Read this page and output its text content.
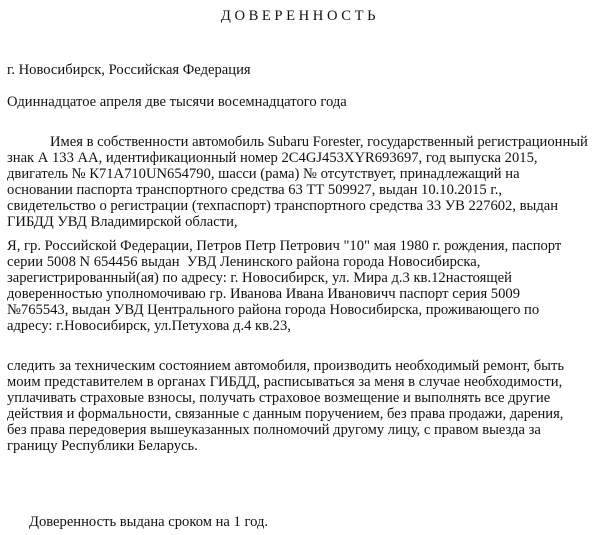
ДОВЕРЕННОСТЬ
г. Новосибирск, Российская Федерация
Одиннадцатое апреля две тысячи восемнадцатого года
Имея в собственности автомобиль Subaru Forester, государственный регистрационный
знак А 133 АА, идентификационный номер 2C4GJ453XYR693697, год выпуска 2015,
двигатель № К71А710UN654790, шасси (рама) № отсутствует, принадлежащий на
основании паспорта транспортного средства 63 ТТ 509927, выдан 10.10.2015 г.,
свидетельство о регистрации (техпаспорт) транспортного средства 33 УВ 227602, выдан
ГИБДД УВД Владимирской области,
Я, гр. Российской Федерации, Петров Петр Петрович "10" мая 1980 г. рождения, паспорт
серии 5008 N 654456 выдан  УВД Ленинского района города Новосибирска,
зарегистрированный(ая) по адресу: г. Новосибирск, ул. Мира д.3 кв.12настоящей
доверенностью уполномочиваю гр. Иванова Ивана Ивановичч паспорт серия 5009
№765543, выдан УВД Центрального района города Новосибирска, проживающего по
адресу: г.Новосибирск, ул.Петухова д.4 кв.23,
следить за техническим состоянием автомобиля, производить необходимый ремонт, быть
моим представителем в органах ГИБДД, расписываться за меня в случае необходимости,
уплачивать страховые взносы, получать страховое возмещение и выполнять все другие
действия и формальности, связанные с данным поручением, без права продажи, дарения,
без права передоверия вышеуказанных полномочий другому лицу, с правом выезда за
границу Республики Беларусь.
Доверенность выдана сроком на 1 год.
